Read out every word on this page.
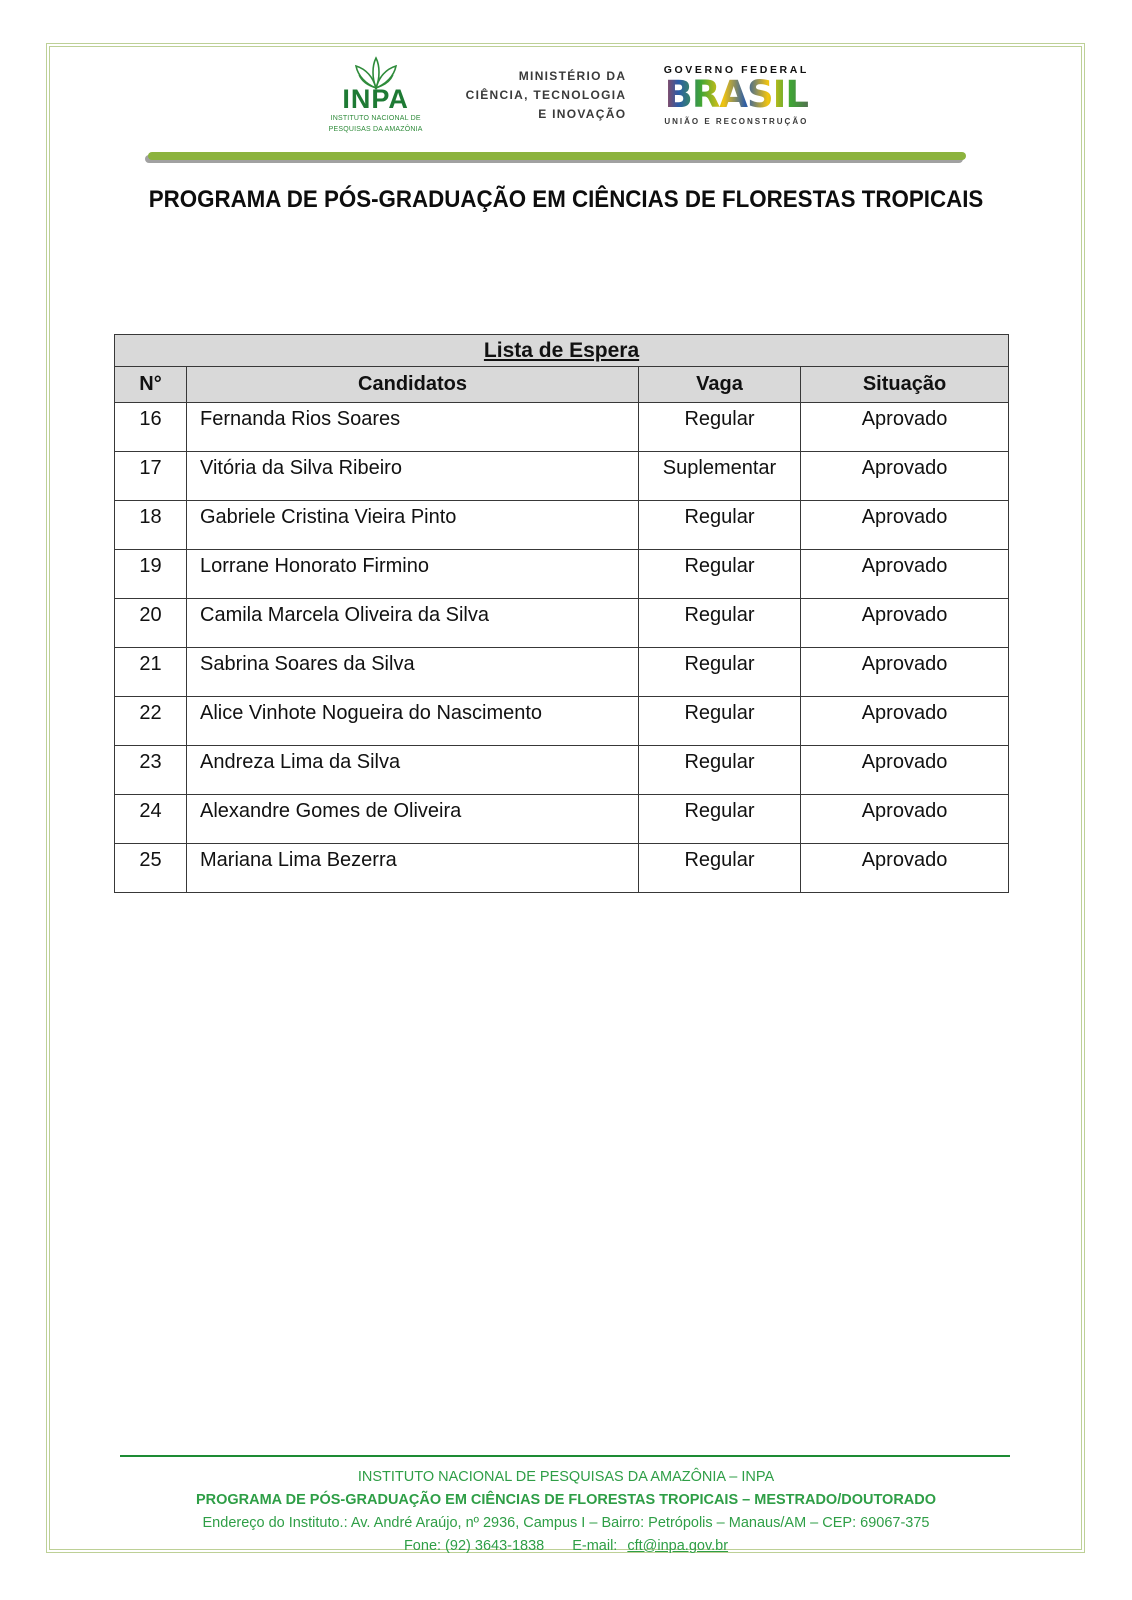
INPA
INSTITUTO NACIONAL DE
PESQUISAS DA AMAZÔNIA
MINISTÉRIO DA
CIÊNCIA, TECNOLOGIA
E INOVAÇÃO
GOVERNO FEDERAL
BRASIL
UNIÃO E RECONSTRUÇÃO
PROGRAMA DE PÓS-GRADUAÇÃO EM CIÊNCIAS DE FLORESTAS TROPICAIS
Lista de Espera			
N°	Candidatos	Vaga	Situação
16	Fernanda Rios Soares	Regular	Aprovado
17	Vitória da Silva Ribeiro	Suplementar	Aprovado
18	Gabriele Cristina Vieira Pinto	Regular	Aprovado
19	Lorrane Honorato Firmino	Regular	Aprovado
20	Camila Marcela Oliveira da Silva	Regular	Aprovado
21	Sabrina Soares da Silva	Regular	Aprovado
22	Alice Vinhote Nogueira do Nascimento	Regular	Aprovado
23	Andreza Lima da Silva	Regular	Aprovado
24	Alexandre Gomes de Oliveira	Regular	Aprovado
25	Mariana Lima Bezerra	Regular	Aprovado
INSTITUTO NACIONAL DE PESQUISAS DA AMAZÔNIA – INPA
PROGRAMA DE PÓS-GRADUAÇÃO EM CIÊNCIAS DE FLORESTAS TROPICAIS – MESTRADO/DOUTORADO
Endereço do Instituto.: Av. André Araújo, nº 2936, Campus I – Bairro: Petrópolis – Manaus/AM – CEP: 69067-375
Fone: (92) 3643-1838 E-mail: cft@inpa.gov.br
